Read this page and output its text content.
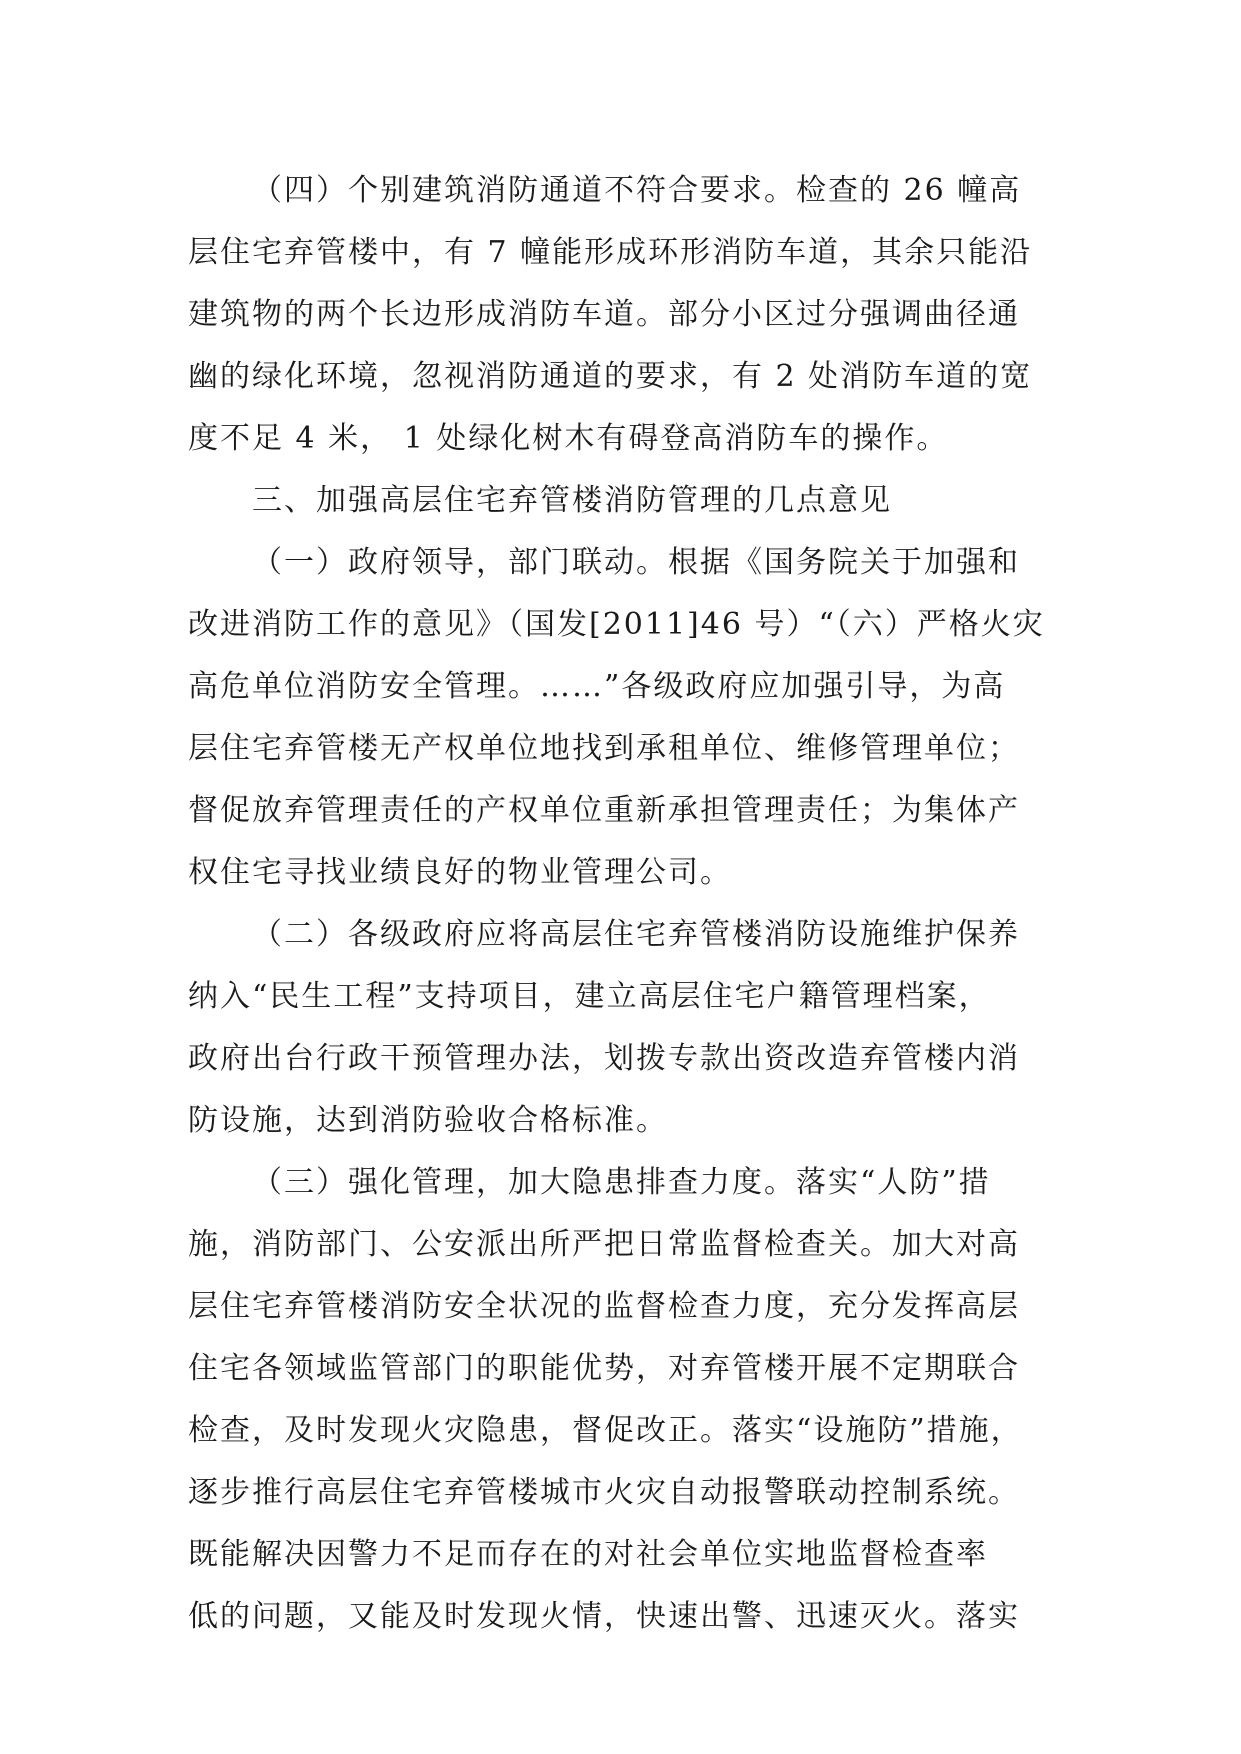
（四）个别建筑消防通道不符合要求。检查的 26 幢高
层住宅弃管楼中，有 7 幢能形成环形消防车道，其余只能沿
建筑物的两个长边形成消防车道。部分小区过分强调曲径通
幽的绿化环境，忽视消防通道的要求，有 2 处消防车道的宽
度不足 4 米， 1 处绿化树木有碍登高消防车的操作。
三、加强高层住宅弃管楼消防管理的几点意见
（一）政府领导，部门联动。根据《国务院关于加强和
改进消防工作的意见》（国发[2011]46 号）“（六）严格火灾
高危单位消防安全管理。……”各级政府应加强引导，为高
层住宅弃管楼无产权单位地找到承租单位、维修管理单位；
督促放弃管理责任的产权单位重新承担管理责任；为集体产
权住宅寻找业绩良好的物业管理公司。
（二）各级政府应将高层住宅弃管楼消防设施维护保养
纳入“民生工程”支持项目，建立高层住宅户籍管理档案，
政府出台行政干预管理办法，划拨专款出资改造弃管楼内消
防设施，达到消防验收合格标准。
（三）强化管理，加大隐患排查力度。落实“人防”措
施，消防部门、公安派出所严把日常监督检查关。加大对高
层住宅弃管楼消防安全状况的监督检查力度，充分发挥高层
住宅各领域监管部门的职能优势，对弃管楼开展不定期联合
检查，及时发现火灾隐患，督促改正。落实“设施防”措施，
逐步推行高层住宅弃管楼城市火灾自动报警联动控制系统。
既能解决因警力不足而存在的对社会单位实地监督检查率
低的问题，又能及时发现火情，快速出警、迅速灭火。落实
